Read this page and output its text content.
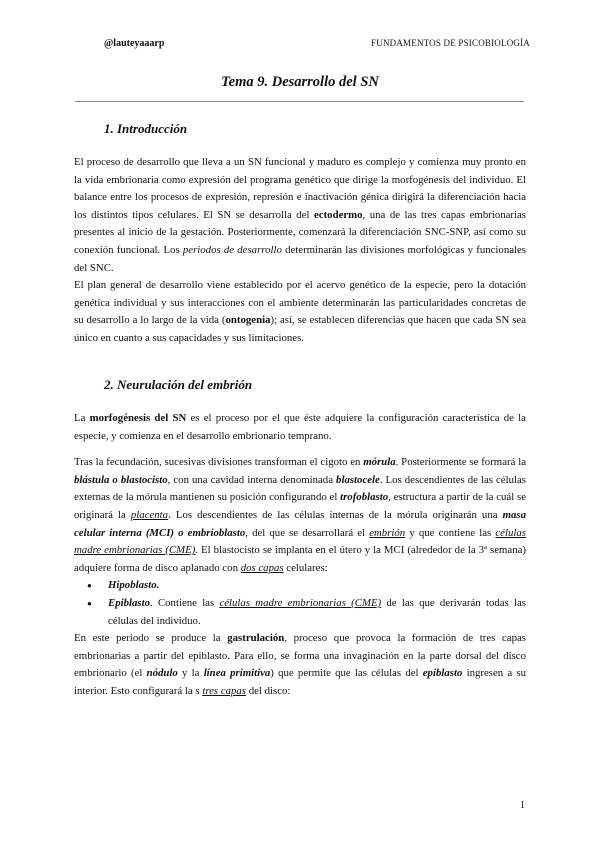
@lauteyaaarp	FUNDAMENTOS DE PSICOBIOLOGÍA
Tema 9. Desarrollo del SN
1. Introducción

El proceso de desarrollo que lleva a un SN funcional y maduro es complejo y comienza muy pronto en la vida embrionaria como expresión del programa genético que dirige la morfogénesis del individuo. El balance entre los procesos de expresión, represión e inactivación génica dirigirá la diferenciación hacia los distintos tipos celulares. El SN se desarrolla del ectodermo, una de las tres capas embrionarias presentes al inicio de la gestación. Posteriormente, comenzará la diferenciación SNC-SNP, así como su conexión funcional. Los periodos de desarrollo determinarán las divisiones morfológicas y funcionales del SNC.

El plan general de desarrollo viene establecido por el acervo genético de la especie, pero la dotación genética individual y sus interacciones con el ambiente determinarán las particularidades concretas de su desarrollo a lo largo de la vida (ontogenia); así, se establecen diferencias que hacen que cada SN sea único en cuanto a sus capacidades y sus limitaciones.

2. Neurulación del embrión

La morfogénesis del SN es el proceso por el que éste adquiere la configuración característica de la especie, y comienza en el desarrollo embrionario temprano.

Tras la fecundación, sucesivas divisiones transforman el cigoto en mórula. Posteriormente se formará la blástula o blastocisto, con una cavidad interna denominada blastocele. Los descendientes de las células externas de la mórula mantienen su posición configurando el trofoblasto, estructura a partir de la cuál se originará la placenta. Los descendientes de las células internas de la mórula originarán una masa celular interna (MCI) o embrioblasto, del que se desarrollará el embrión y que contiene las células madre embrionarias (CME). El blastocisto se implanta en el útero y la MCI (alrededor de la 3ª semana) adquiere forma de disco aplanado con dos capas celulares:

● Hipoblasto.
● Epiblasto. Contiene las células madre embrionarias (CME) de las que derivarán todas las células del individuo.

En este periodo se produce la gastrulación, proceso que provoca la formación de tres capas embrionarias a partir del epiblasto. Para ello, se forma una invaginación en la parte dorsal del disco embrionario (el nódulo y la línea primitiva) que permite que las células del epiblasto ingresen a su interior. Esto configurará la s tres capas del disco:

1
